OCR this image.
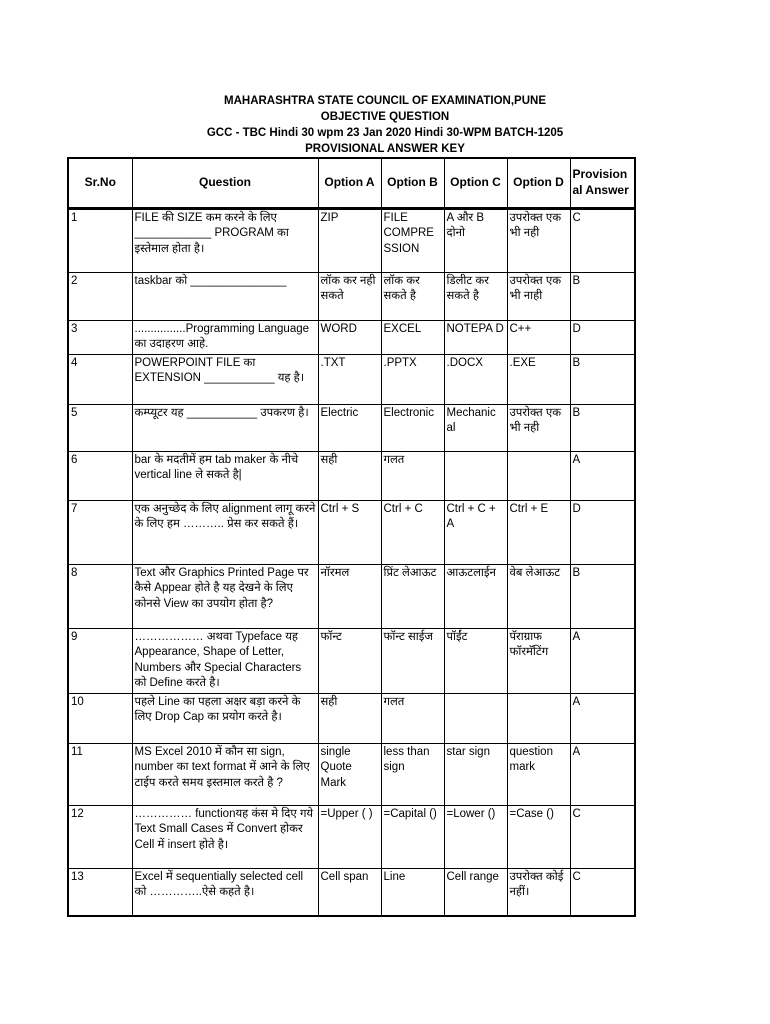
MAHARASHTRA STATE COUNCIL OF EXAMINATION,PUNE
OBJECTIVE QUESTION
GCC - TBC Hindi 30 wpm 23 Jan 2020 Hindi 30-WPM BATCH-1205
PROVISIONAL ANSWER KEY
Sr.No	Question	Option A	Option B	Option C	Option D	Provisional Answer
1	FILE की SIZE कम करने के लिए ____________ PROGRAM का इस्तेमाल होता है।	ZIP	FILE COMPRE SSION	A और B दोनो	उपरोक्त एक भी नही	C
2	taskbar को _______________	लॉक कर नही सकते	लॉक कर सकते है	डिलीट कर सकते है	उपरोक्त एक भी नाही	B
3	................Programming Language का उदाहरण आहे.	WORD	EXCEL	NOTEPA D	C++	D
4	POWERPOINT FILE का EXTENSION ___________ यह है।	.TXT	.PPTX	.DOCX	.EXE	B
5	कम्प्यूटर यह ___________ उपकरण है।	Electric	Electronic	Mechanic al	उपरोक्त एक भी नही	B
6	bar के मदतीमें हम tab maker के नीचे vertical line ले सकते है|	सही	गलत			A
7	एक अनुच्छेद के लिए alignment लागू करने के लिए हम ……….. प्रेस कर सकते हैं।	Ctrl + S	Ctrl + C	Ctrl + C + A	Ctrl + E	D
8	Text और Graphics Printed Page पर कैसे Appear होते है यह देखने के लिए कोनसे View का उपयोग होता है?	नॉरमल	प्रिंट लेआऊट	आऊटलाईन	वेब लेआऊट	B
9	……………… अथवा Typeface यह Appearance, Shape of Letter, Numbers और Special Characters को Define करते है।	फॉन्ट	फॉन्ट साईज	पॉईंट	पॅराग्राफ फॉरमॅटिंग	A
10	पहले Line का पहला अक्षर बड़ा करने के लिए Drop Cap का प्रयोग करते है।	सही	गलत			A
11	MS Excel 2010 में कौन सा sign, number का text format में आने के लिए टाईप करते समय इस्तमाल करते है ?	single Quote Mark	less than sign	star sign	question mark	A
12	…………… functionयह कंस मे दिए गये Text Small Cases में Convert होकर Cell में insert होते है।	=Upper ( )	=Capital ()	=Lower ()	=Case ()	C
13	Excel में sequentially selected cell को …………..ऐसे कहते है।	Cell span	Line	Cell range	उपरोक्त कोई नहीं।	C
